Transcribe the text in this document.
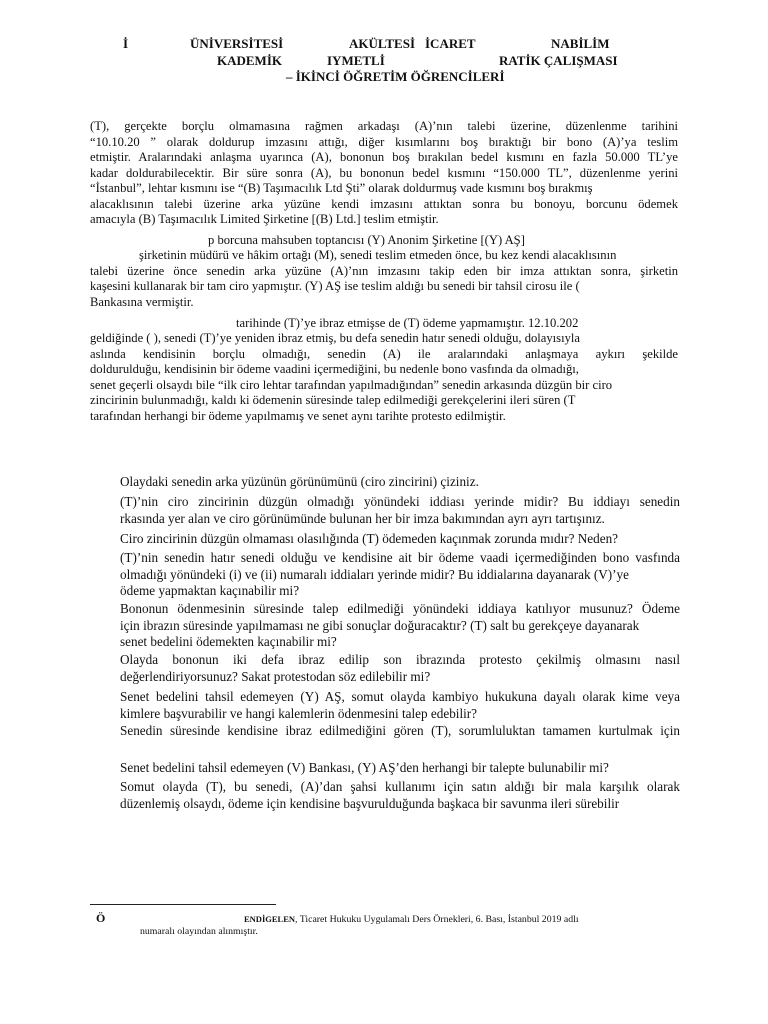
İ	ÜNİVERSİTESİ	AKÜLTESİ İCARET	NABİLİM
KADEMİK	IYMETLİ	RATİK ÇALIŞMASI
– İKİNCİ ÖĞRETİM ÖĞRENCİLERİ
(T), gerçekte borçlu olmamasına rağmen arkadaşı (A)’nın talebi üzerine, düzenlenme tarihini
“10.10.20 ” olarak doldurup imzasını attığı, diğer kısımlarını boş bıraktığı bir bono (A)’ya teslim
etmiştir. Aralarındaki anlaşma uyarınca (A), bononun boş bırakılan bedel kısmını en fazla 50.000 TL’ye
kadar doldurabilecektir. Bir süre sonra (A), bu bononun bedel kısmını “150.000 TL”, düzenlenme yerini
“İstanbul”, lehtar kısmını ise “(B) Taşımacılık Ltd Şti” olarak doldurmuş vade kısmını boş bırakmış
alacaklısının talebi üzerine arka yüzüne kendi imzasını attıktan sonra bu bonoyu, borcunu ödemek
amacıyla (B) Taşımacılık Limited Şirketine [(B) Ltd.] teslim etmiştir.
p borcuna mahsuben toptancısı (Y) Anonim Şirketine [(Y) AŞ]
şirketinin müdürü ve hâkim ortağı (M), senedi teslim etmeden önce, bu kez kendi alacaklısının
talebi üzerine önce senedin arka yüzüne (A)’nın imzasını takip eden bir imza attıktan sonra, şirketin
kaşesini kullanarak bir tam ciro yapmıştır. (Y) AŞ ise teslim aldığı bu senedi bir tahsil cirosu ile (
Bankasına vermiştir.
tarihinde (T)’ye ibraz etmişse de (T) ödeme yapmamıştır. 12.10.202
geldiğinde ( ), senedi (T)’ye yeniden ibraz etmiş, bu defa senedin hatır senedi olduğu, dolayısıyla
aslında kendisinin borçlu olmadığı, senedin (A) ile aralarındaki anlaşmaya aykırı şekilde
doldurulduğu, kendisinin bir ödeme vaadini içermediğini, bu nedenle bono vasfında da olmadığı,
senet geçerli olsaydı bile “ilk ciro lehtar tarafından yapılmadığından” senedin arkasında düzgün bir ciro
zincirinin bulunmadığı, kaldı ki ödemenin süresinde talep edilmediği gerekçelerini ileri süren (T
tarafından herhangi bir ödeme yapılmamış ve senet aynı tarihte protesto edilmiştir.
Olaydaki senedin arka yüzünün görünümünü (ciro zincirini) çiziniz.
(T)’nin ciro zincirinin düzgün olmadığı yönündeki iddiası yerinde midir? Bu iddiayı senedin
rkasında yer alan ve ciro görünümünde bulunan her bir imza bakımından ayrı ayrı tartışınız.
Ciro zincirinin düzgün olmaması olasılığında (T) ödemeden kaçınmak zorunda mıdır? Neden?
(T)’nin senedin hatır senedi olduğu ve kendisine ait bir ödeme vaadi içermediğinden bono vasfında
olmadığı yönündeki (i) ve (ii) numaralı iddiaları yerinde midir? Bu iddialarına dayanarak (V)’ye
ödeme yapmaktan kaçınabilir mi?
Bononun ödenmesinin süresinde talep edilmediği yönündeki iddiaya katılıyor musunuz? Ödeme
için ibrazın süresinde yapılmaması ne gibi sonuçlar doğuracaktır? (T) salt bu gerekçeye dayanarak
senet bedelini ödemekten kaçınabilir mi?
Olayda bononun iki defa ibraz edilip son ibrazında protesto çekilmiş olmasını nasıl
değerlendiriyorsunuz? Sakat protestodan söz edilebilir mi?
Senet bedelini tahsil edemeyen (Y) AŞ, somut olayda kambiyo hukukuna dayalı olarak kime veya
kimlere başvurabilir ve hangi kalemlerin ödenmesini talep edebilir?
Senedin süresinde kendisine ibraz edilmediğini gören (T), sorumluluktan tamamen kurtulmak için
Senet bedelini tahsil edemeyen (V) Bankası, (Y) AŞ’den herhangi bir talepte bulunabilir mi?
Somut olayda (T), bu senedi, (A)’dan şahsi kullanımı için satın aldığı bir mala karşılık olarak
düzenlemiş olsaydı, ödeme için kendisine başvurulduğunda başkaca bir savunma ileri sürebilir
Ö	ENDİGELEN, Ticaret Hukuku Uygulamalı Ders Örnekleri, 6. Bası, İstanbul 2019 adlı
numaralı olayından alınmıştır.
